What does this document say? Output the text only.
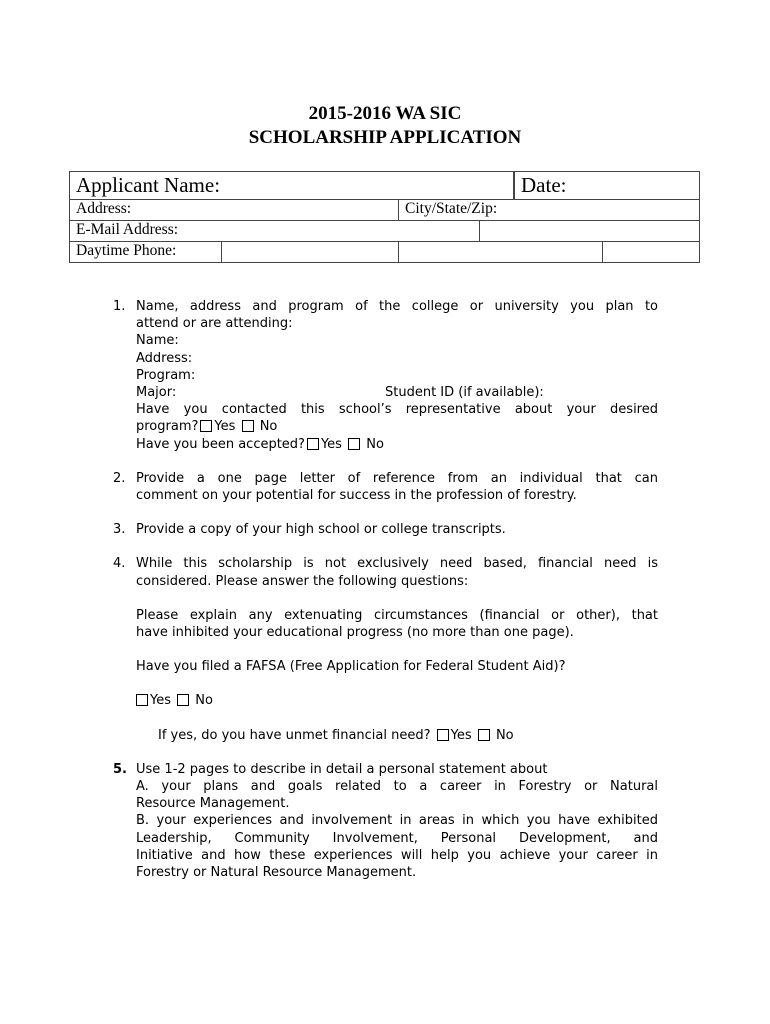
2015-2016 WA SIC
SCHOLARSHIP APPLICATION
Applicant Name:	Date:
Address:	City/State/Zip:
E-Mail Address:
Daytime Phone:
1. Name, address and program of the college or university you plan to
attend or are attending:
Name:
Address:
Program:
Major:	Student ID (if available):
Have you contacted this school’s representative about your desired
program? Yes No
Have you been accepted? Yes No
2. Provide a one page letter of reference from an individual that can
comment on your potential for success in the profession of forestry.
3. Provide a copy of your high school or college transcripts.
4. While this scholarship is not exclusively need based, financial need is
considered. Please answer the following questions:
Please explain any extenuating circumstances (financial or other), that
have inhibited your educational progress (no more than one page).
Have you filed a FAFSA (Free Application for Federal Student Aid)?
Yes No
If yes, do you have unmet financial need? Yes No
5. Use 1-2 pages to describe in detail a personal statement about
A. your plans and goals related to a career in Forestry or Natural
Resource Management.
B. your experiences and involvement in areas in which you have exhibited
Leadership, Community Involvement, Personal Development, and
Initiative and how these experiences will help you achieve your career in
Forestry or Natural Resource Management.
